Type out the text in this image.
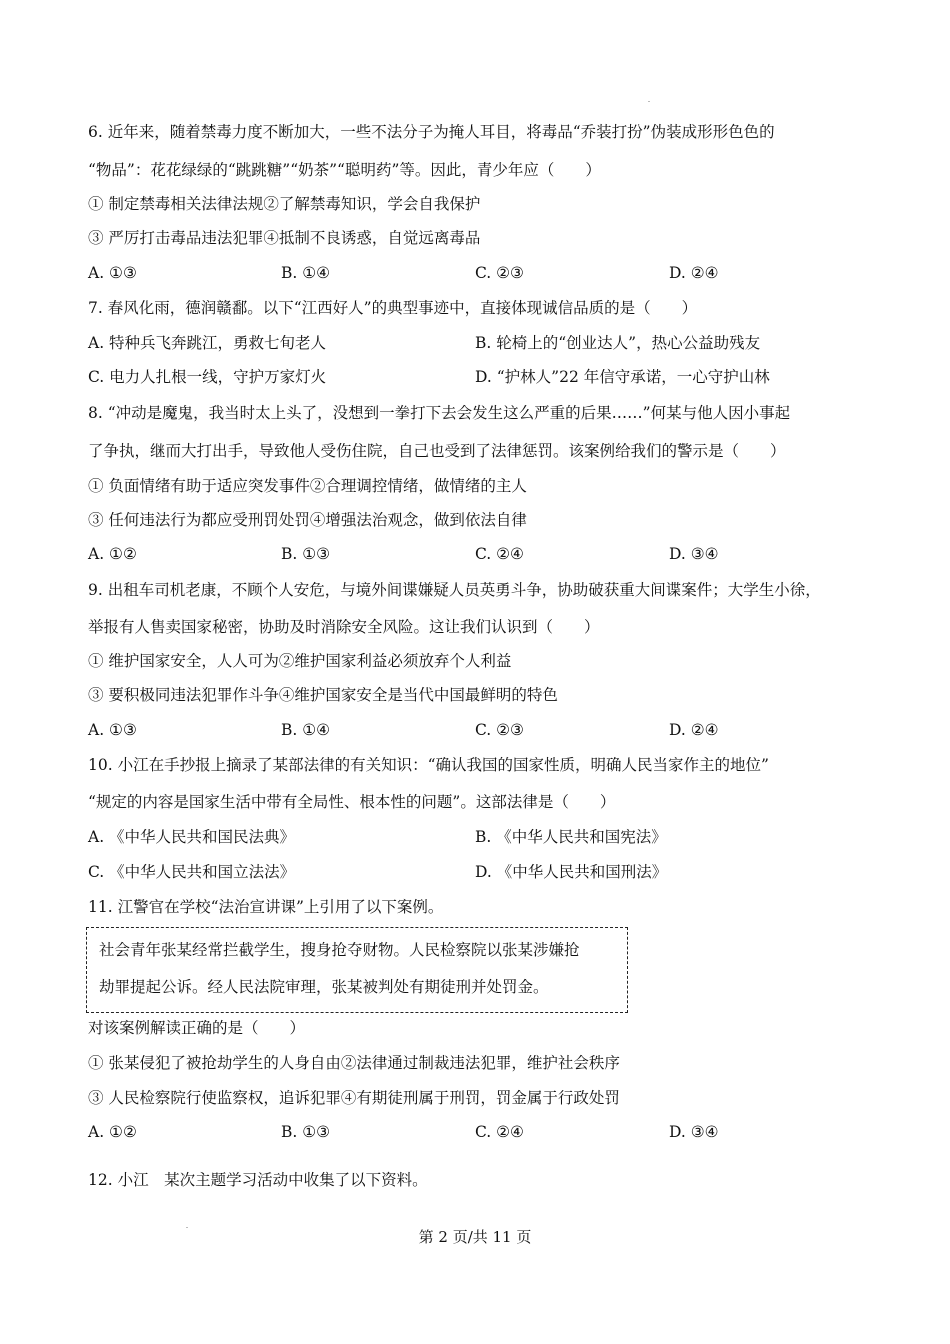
6. 近年来，随着禁毒力度不断加大，一些不法分子为掩人耳目，将毒品“乔装打扮”伪装成形形色色的
“物品”：花花绿绿的“跳跳糖”“奶茶”“聪明药”等。因此，青少年应（　　）
① 制定禁毒相关法律法规②了解禁毒知识，学会自我保护
③ 严厉打击毒品违法犯罪④抵制不良诱惑，自觉远离毒品
A. ①③	B. ①④	C. ②③	D. ②④
7. 春风化雨，德润赣鄱。以下“江西好人”的典型事迹中，直接体现诚信品质的是（　　）
A. 特种兵飞奔跳江，勇救七旬老人	B. 轮椅上的“创业达人”，热心公益助残友
C. 电力人扎根一线，守护万家灯火	D. “护林人”22 年信守承诺，一心守护山林
8. “冲动是魔鬼，我当时太上头了，没想到一拳打下去会发生这么严重的后果……”何某与他人因小事起
了争执，继而大打出手，导致他人受伤住院，自己也受到了法律惩罚。该案例给我们的警示是（　　）
① 负面情绪有助于适应突发事件②合理调控情绪，做情绪的主人
③ 任何违法行为都应受刑罚处罚④增强法治观念，做到依法自律
A. ①②	B. ①③	C. ②④	D. ③④
9. 出租车司机老康，不顾个人安危，与境外间谍嫌疑人员英勇斗争，协助破获重大间谍案件；大学生小徐，
举报有人售卖国家秘密，协助及时消除安全风险。这让我们认识到（　　）
① 维护国家安全，人人可为②维护国家利益必须放弃个人利益
③ 要积极同违法犯罪作斗争④维护国家安全是当代中国最鲜明的特色
A. ①③	B. ①④	C. ②③	D. ②④
10. 小江在手抄报上摘录了某部法律的有关知识：“确认我国的国家性质，明确人民当家作主的地位”
“规定的内容是国家生活中带有全局性、根本性的问题”。这部法律是（　　）
A. 《中华人民共和国民法典》	B. 《中华人民共和国宪法》
C. 《中华人民共和国立法法》	D. 《中华人民共和国刑法》
11. 江警官在学校“法治宣讲课”上引用了以下案例。
社会青年张某经常拦截学生，搜身抢夺财物。人民检察院以张某涉嫌抢
劫罪提起公诉。经人民法院审理，张某被判处有期徒刑并处罚金。
对该案例解读正确的是（　　）
① 张某侵犯了被抢劫学生的人身自由②法律通过制裁违法犯罪，维护社会秩序
③ 人民检察院行使监察权，追诉犯罪④有期徒刑属于刑罚，罚金属于行政处罚
A. ①②	B. ①③	C. ②④	D. ③④
12. 小江　某次主题学习活动中收集了以下资料。
第 2 页/共 11 页
